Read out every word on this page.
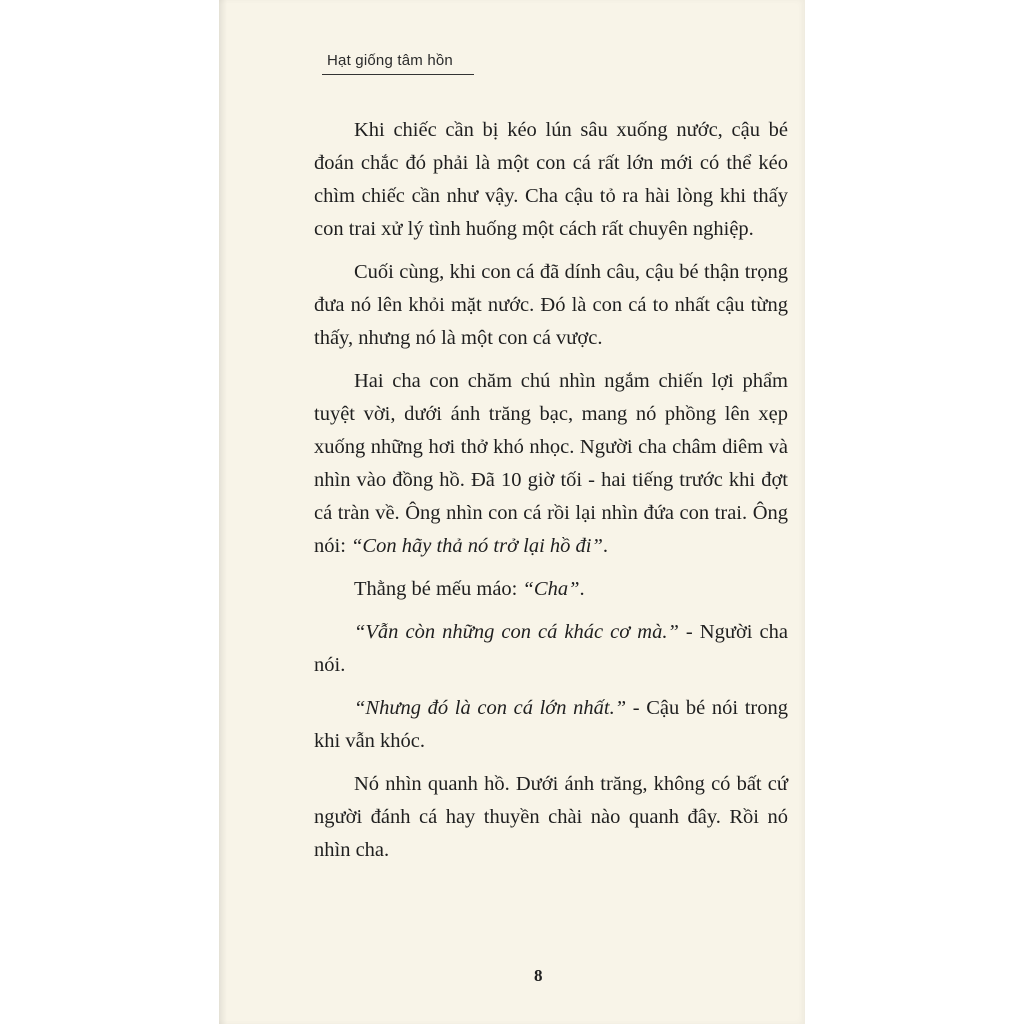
Hạt giống tâm hồn

Khi chiếc cần bị kéo lún sâu xuống nước, cậu bé đoán chắc đó phải là một con cá rất lớn mới có thể kéo chìm chiếc cần như vậy. Cha cậu tỏ ra hài lòng khi thấy con trai xử lý tình huống một cách rất chuyên nghiệp.

Cuối cùng, khi con cá đã dính câu, cậu bé thận trọng đưa nó lên khỏi mặt nước. Đó là con cá to nhất cậu từng thấy, nhưng nó là một con cá vược.

Hai cha con chăm chú nhìn ngắm chiến lợi phẩm tuyệt vời, dưới ánh trăng bạc, mang nó phồng lên xẹp xuống những hơi thở khó nhọc. Người cha châm diêm và nhìn vào đồng hồ. Đã 10 giờ tối - hai tiếng trước khi đợt cá tràn về. Ông nhìn con cá rồi lại nhìn đứa con trai. Ông nói: “Con hãy thả nó trở lại hồ đi”.

Thằng bé mếu máo: “Cha”.

“Vẫn còn những con cá khác cơ mà.” - Người cha nói.

“Nhưng đó là con cá lớn nhất.” - Cậu bé nói trong khi vẫn khóc.

Nó nhìn quanh hồ. Dưới ánh trăng, không có bất cứ người đánh cá hay thuyền chài nào quanh đây. Rồi nó nhìn cha.

8
